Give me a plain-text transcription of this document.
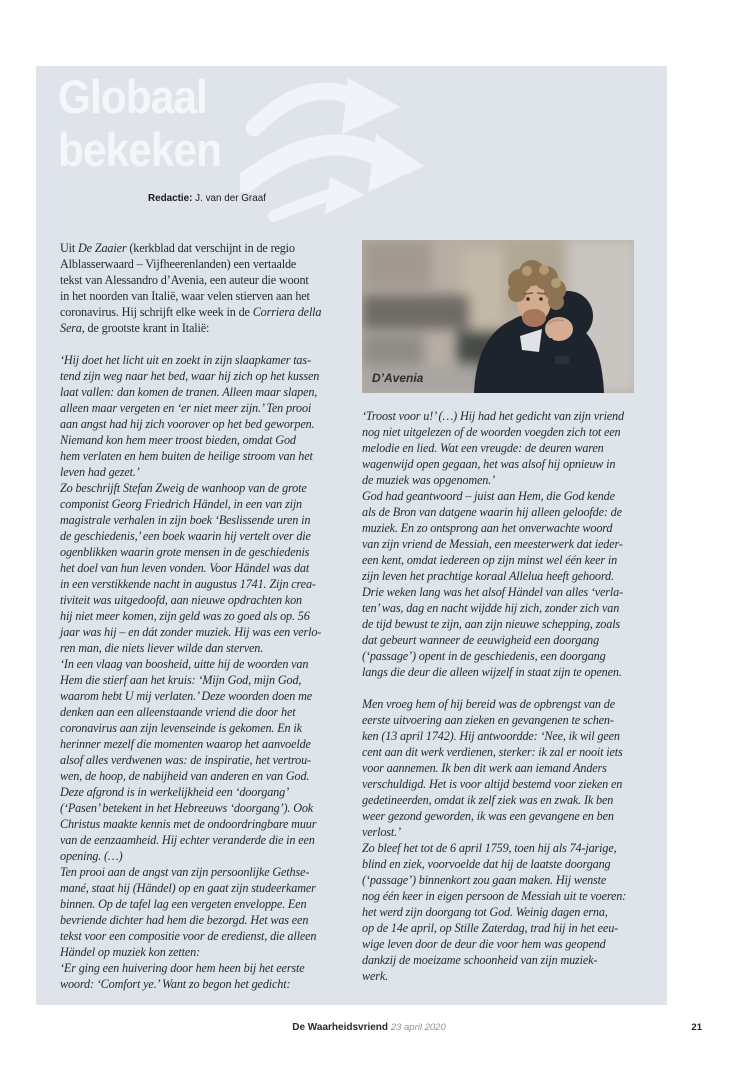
Globaal
bekeken
Redactie: J. van der Graaf

Uit De Zaaier (kerkblad dat verschijnt in de regio
Alblasserwaard – Vijfheerenlanden) een vertaalde
tekst van Alessandro d’Avenia, een auteur die woont
in het noorden van Italië, waar velen stierven aan het
coronavirus. Hij schrijft elke week in de Corriera della
Sera, de grootste krant in Italië:

‘Hij doet het licht uit en zoekt in zijn slaapkamer tas-
tend zijn weg naar het bed, waar hij zich op het kussen
laat vallen: dan komen de tranen. Alleen maar slapen,
alleen maar vergeten en ‘er niet meer zijn.’ Ten prooi
aan angst had hij zich voorover op het bed geworpen.
Niemand kon hem meer troost bieden, omdat God
hem verlaten en hem buiten de heilige stroom van het
leven had gezet.’

Zo beschrijft Stefan Zweig de wanhoop van de grote
componist Georg Friedrich Händel, in een van zijn
magistrale verhalen in zijn boek ‘Beslissende uren in
de geschiedenis,’ een boek waarin hij vertelt over die
ogenblikken waarin grote mensen in de geschiedenis
het doel van hun leven vonden. Voor Händel was dat
in een verstikkende nacht in augustus 1741. Zijn crea-
tiviteit was uitgedoofd, aan nieuwe opdrachten kon
hij niet meer komen, zijn geld was zo goed als op. 56
jaar was hij – en dát zonder muziek. Hij was een verlo-
ren man, die niets liever wilde dan sterven.

‘In een vlaag van boosheid, uitte hij de woorden van
Hem die stierf aan het kruis: ‘Mijn God, mijn God,
waarom hebt U mij verlaten.’ Deze woorden doen me
denken aan een alleenstaande vriend die door het
coronavirus aan zijn levenseinde is gekomen. En ik
herinner mezelf die momenten waarop het aanvoelde
alsof alles verdwenen was: de inspiratie, het vertrou-
wen, de hoop, de nabijheid van anderen en van God.
Deze afgrond is in werkelijkheid een ‘doorgang’
(‘Pasen’ betekent in het Hebreeuws ‘doorgang’). Ook
Christus maakte kennis met de ondoordringbare muur
van de eenzaamheid. Hij echter veranderde die in een
opening. (…)

Ten prooi aan de angst van zijn persoonlijke Gethse-
mané, staat hij (Händel) op en gaat zijn studeerkamer
binnen. Op de tafel lag een vergeten enveloppe. Een
bevriende dichter had hem die bezorgd. Het was een
tekst voor een compositie voor de eredienst, die alleen
Händel op muziek kon zetten:

‘Er ging een huivering door hem heen bij het eerste
woord: ‘Comfort ye.’ Want zo begon het gedicht:

D’Avenia

‘Troost voor u!’ (…) Hij had het gedicht van zijn vriend
nog niet uitgelezen of de woorden voegden zich tot een
melodie en lied. Wat een vreugde: de deuren waren
wagenwijd open gegaan, het was alsof hij opnieuw in
de muziek was opgenomen.’

God had geantwoord – juist aan Hem, die God kende
als de Bron van datgene waarin hij alleen geloofde: de
muziek. En zo ontsprong aan het onverwachte woord
van zijn vriend de Messiah, een meesterwerk dat ieder-
een kent, omdat iedereen op zijn minst wel één keer in
zijn leven het prachtige koraal Allelua heeft gehoord.
Drie weken lang was het alsof Händel van alles ‘verla-
ten’ was, dag en nacht wijdde hij zich, zonder zich van
de tijd bewust te zijn, aan zijn nieuwe schepping, zoals
dat gebeurt wanneer de eeuwigheid een doorgang
(‘passage’) opent in de geschiedenis, een doorgang
langs die deur die alleen wijzelf in staat zijn te openen.

Men vroeg hem of hij bereid was de opbrengst van de
eerste uitvoering aan zieken en gevangenen te schen-
ken (13 april 1742). Hij antwoordde: ‘Nee, ik wil geen
cent aan dit werk verdienen, sterker: ik zal er nooit iets
voor aannemen. Ik ben dit werk aan iemand Anders
verschuldigd. Het is voor altijd bestemd voor zieken en
gedetineerden, omdat ik zelf ziek was en zwak. Ik ben
weer gezond geworden, ik was een gevangene en ben
verlost.’

Zo bleef het tot de 6 april 1759, toen hij als 74-jarige,
blind en ziek, voorvoelde dat hij de laatste doorgang
(‘passage’) binnenkort zou gaan maken. Hij wenste
nog één keer in eigen persoon de Messiah uit te voeren:
het werd zijn doorgang tot God. Weinig dagen erna,
op de 14e april, op Stille Zaterdag, trad hij in het eeu-
wige leven door de deur die voor hem was geopend
dankzij de moeizame schoonheid van zijn muziek-
werk.

De Waarheidsvriend 23 april 2020	21
